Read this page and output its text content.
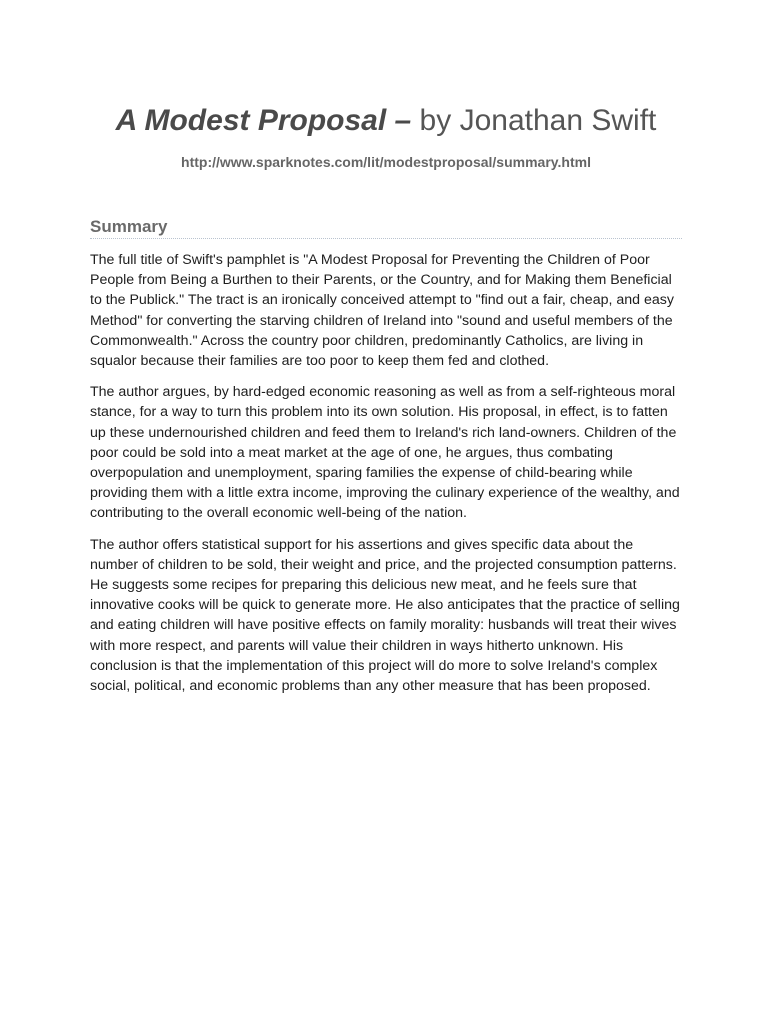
A Modest Proposal – by Jonathan Swift
http://www.sparknotes.com/lit/modestproposal/summary.html
Summary

The full title of Swift's pamphlet is "A Modest Proposal for Preventing the Children of Poor People from Being a Burthen to their Parents, or the Country, and for Making them Beneficial to the Publick." The tract is an ironically conceived attempt to "find out a fair, cheap, and easy Method" for converting the starving children of Ireland into "sound and useful members of the Commonwealth." Across the country poor children, predominantly Catholics, are living in squalor because their families are too poor to keep them fed and clothed.

The author argues, by hard-edged economic reasoning as well as from a self-righteous moral stance, for a way to turn this problem into its own solution. His proposal, in effect, is to fatten up these undernourished children and feed them to Ireland's rich land-owners. Children of the poor could be sold into a meat market at the age of one, he argues, thus combating overpopulation and unemployment, sparing families the expense of child-bearing while providing them with a little extra income, improving the culinary experience of the wealthy, and contributing to the overall economic well-being of the nation.

The author offers statistical support for his assertions and gives specific data about the number of children to be sold, their weight and price, and the projected consumption patterns. He suggests some recipes for preparing this delicious new meat, and he feels sure that innovative cooks will be quick to generate more. He also anticipates that the practice of selling and eating children will have positive effects on family morality: husbands will treat their wives with more respect, and parents will value their children in ways hitherto unknown. His conclusion is that the implementation of this project will do more to solve Ireland's complex social, political, and economic problems than any other measure that has been proposed.
